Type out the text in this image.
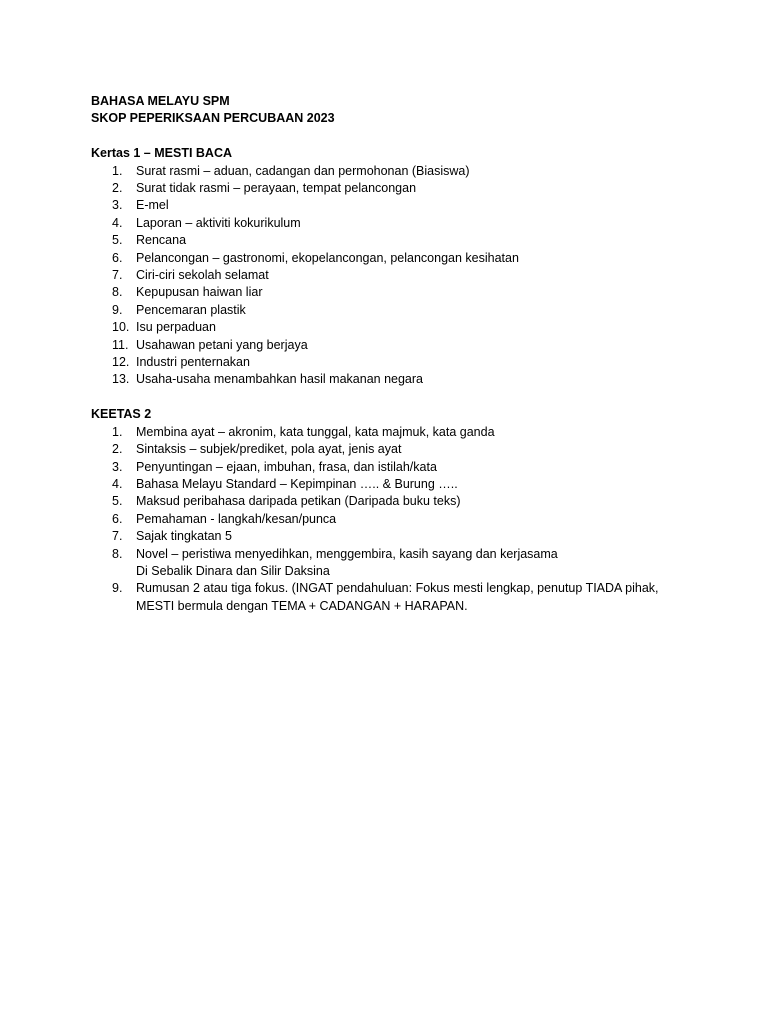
BAHASA MELAYU SPM
SKOP PEPERIKSAAN PERCUBAAN 2023
Kertas 1 – MESTI BACA
1.	Surat rasmi – aduan, cadangan dan permohonan (Biasiswa)
2.	Surat tidak rasmi – perayaan, tempat pelancongan
3.	E-mel
4.	Laporan – aktiviti kokurikulum
5.	Rencana
6.	Pelancongan – gastronomi, ekopelancongan, pelancongan kesihatan
7.	Ciri-ciri sekolah selamat
8.	Kepupusan haiwan liar
9.	Pencemaran plastik
10. Isu perpaduan
11. Usahawan petani yang berjaya
12. Industri penternakan
13. Usaha-usaha menambahkan hasil makanan negara
KEETAS 2
1.	Membina ayat – akronim, kata tunggal, kata majmuk, kata ganda
2.	Sintaksis – subjek/prediket, pola ayat, jenis ayat
3.	Penyuntingan – ejaan, imbuhan, frasa, dan istilah/kata
4.	Bahasa Melayu Standard – Kepimpinan ….. & Burung …..
5.	Maksud peribahasa daripada petikan (Daripada buku teks)
6.	Pemahaman - langkah/kesan/punca
7.	Sajak tingkatan 5
8.	Novel – peristiwa menyedihkan, menggembira, kasih sayang dan kerjasama
Di Sebalik Dinara dan Silir Daksina
9.	Rumusan 2 atau tiga fokus. (INGAT pendahuluan: Fokus mesti lengkap, penutup TIADA pihak,
MESTI bermula dengan TEMA + CADANGAN + HARAPAN.
